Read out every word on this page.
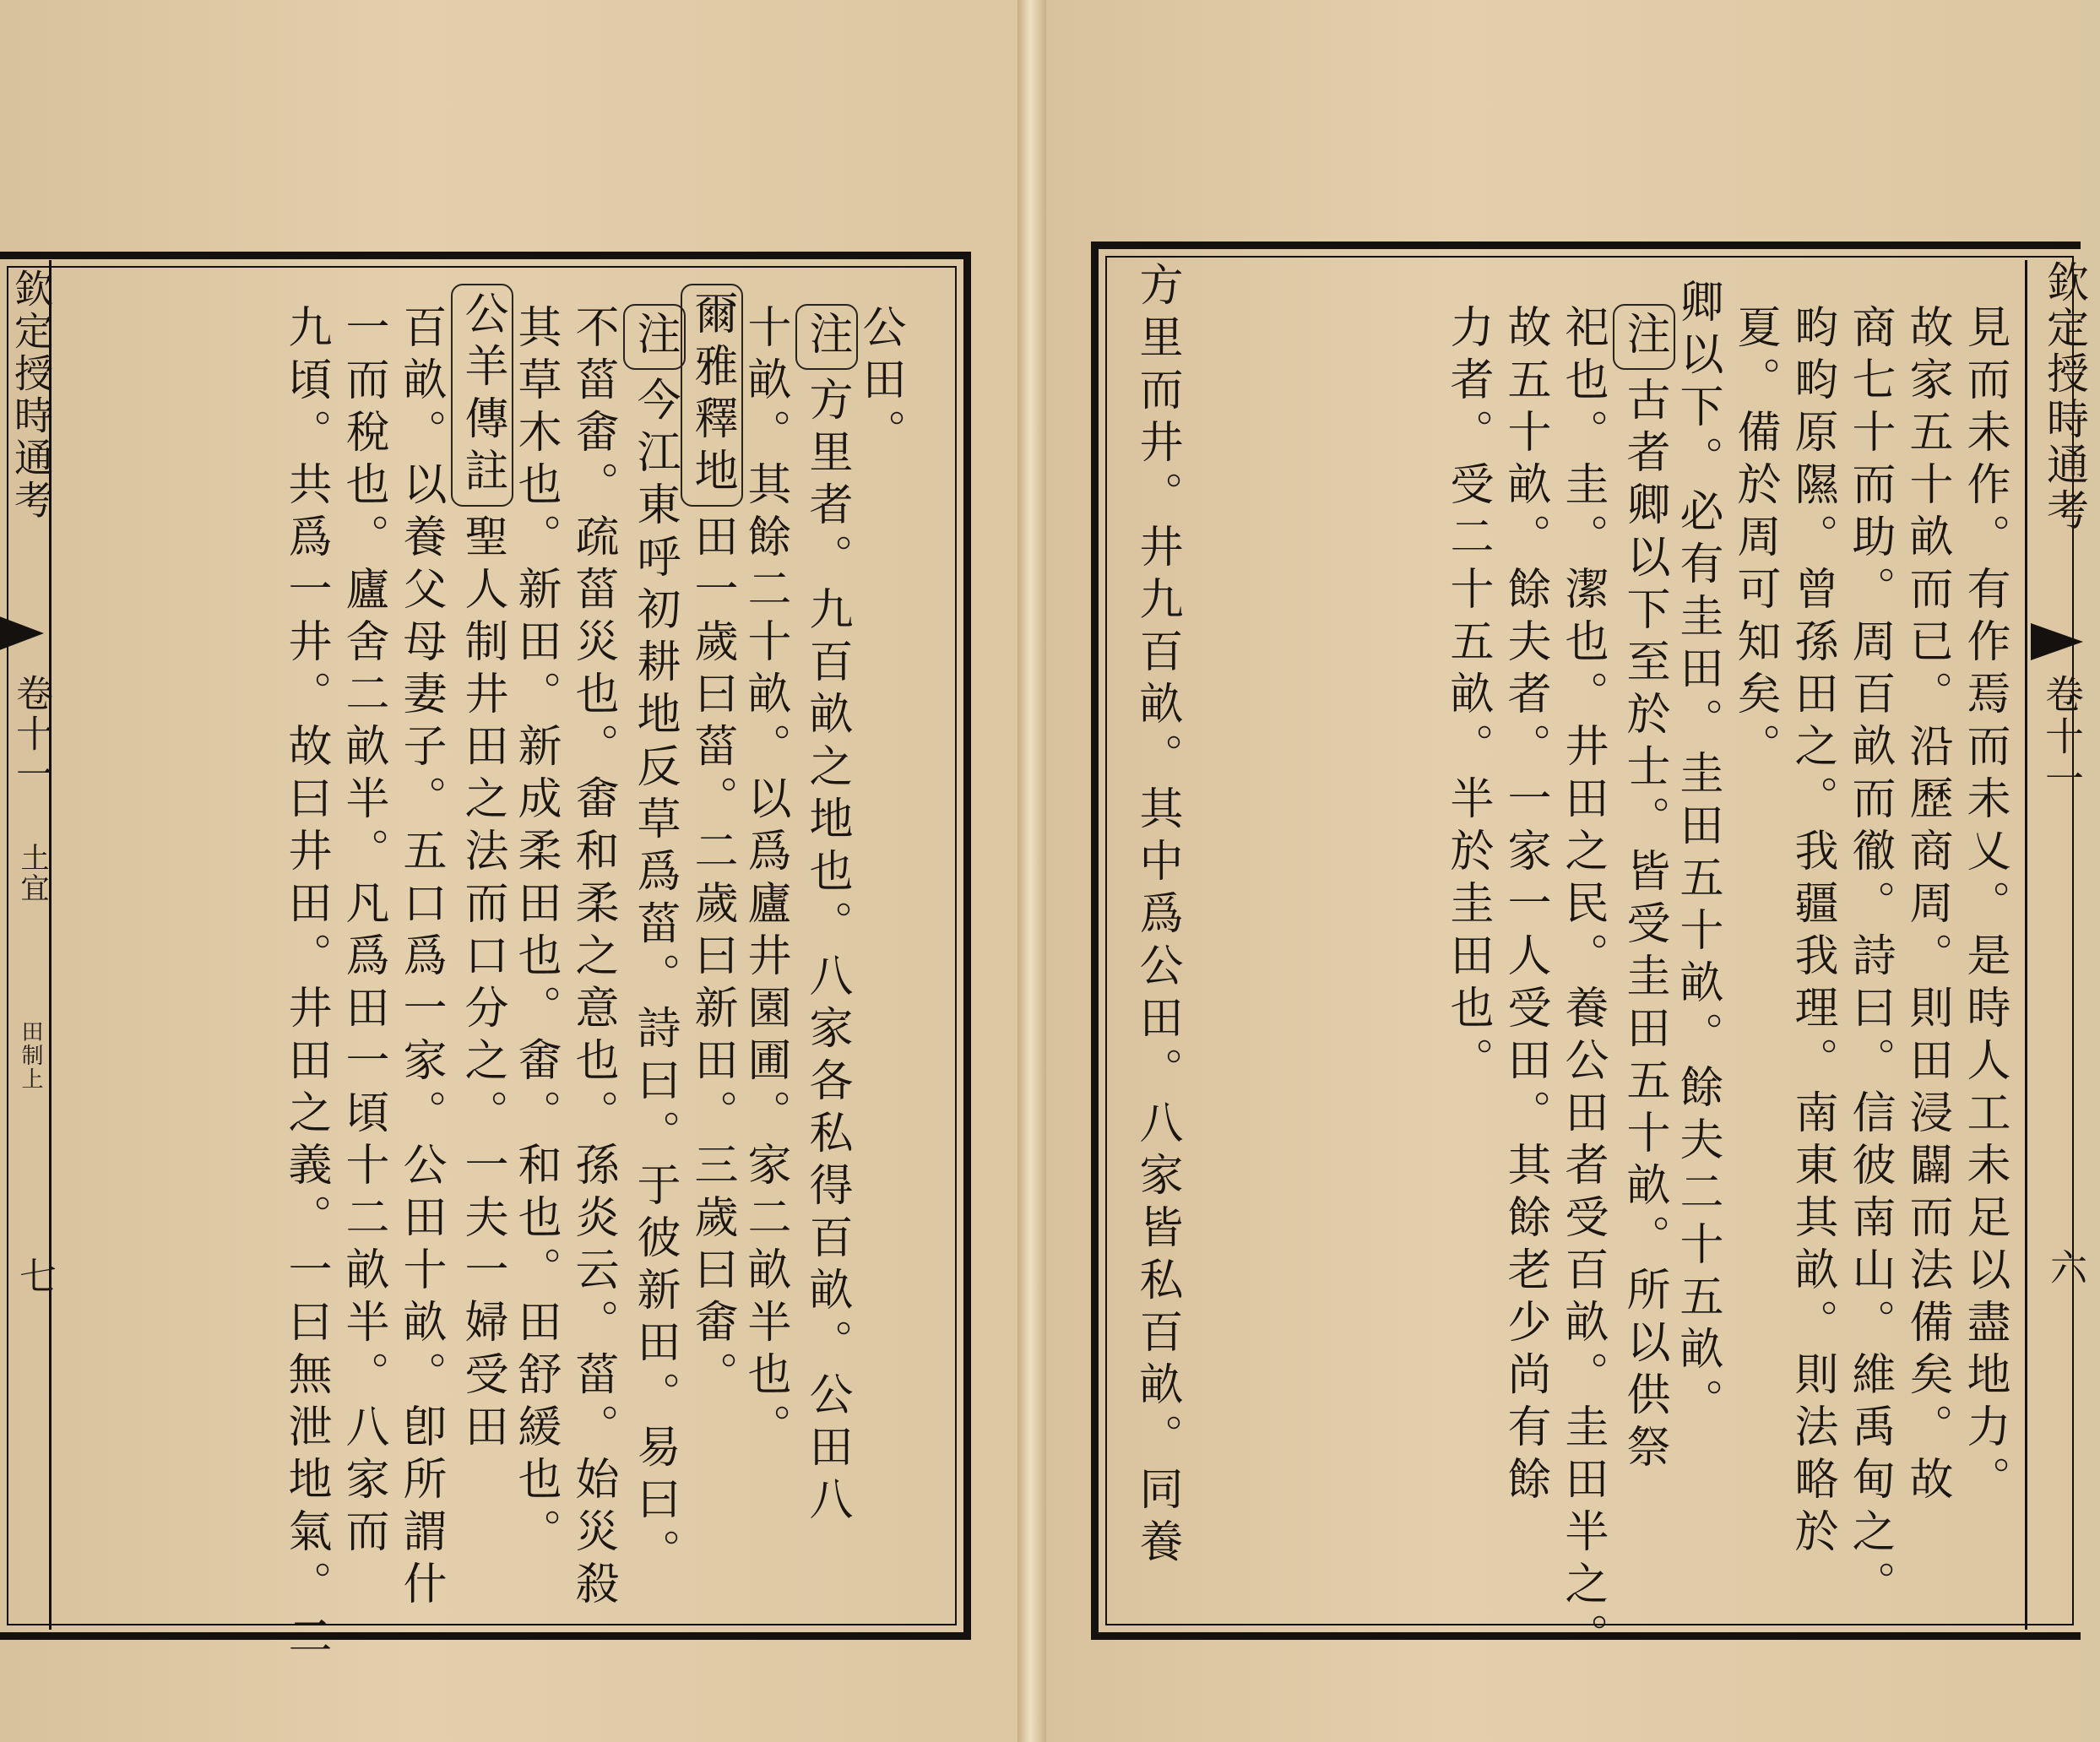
欽定授時通考
卷十一
土宜
田制上
七
欽定授時通考
卷十一
六
公田。
注方里者。九百畝之地也。八家各私得百畝。公田八
十畝。其餘二十畝。以爲廬井園圃。家二畝半也。
爾雅釋地田一歲曰菑。二歲曰新田。三歲曰畬。
注今江東呼初耕地反草爲菑。詩曰。于彼新田。易曰。
不菑畬。疏菑災也。畬和柔之意也。孫炎云。菑。始災殺
其草木也。新田。新成柔田也。畬。和也。田舒緩也。
公羊傳註聖人制井田之法而口分之。一夫一婦受田
百畝。以養父母妻子。五口爲一家。公田十畝。卽所謂什
一而稅也。廬舍二畝半。凡爲田一頃十二畝半。八家而
九頃。共爲一井。故曰井田。井田之義。一曰無泄地氣。二	見而未作。有作焉而未乂。是時人工未足以盡地力。
故家五十畝而已。沿歷商周。則田浸闢而法備矣。故
商七十而助。周百畝而徹。詩曰。信彼南山。維禹甸之。
畇畇原隰。曾孫田之。我疆我理。南東其畝。則法略於
夏。備於周可知矣。
卿以下。必有圭田。圭田五十畝。餘夫二十五畝。
注古者卿以下至於士。皆受圭田五十畝。所以供祭
祀也。圭。潔也。井田之民。養公田者受百畝。圭田半之。
故五十畝。餘夫者。一家一人受田。其餘老少尚有餘
力者。受二十五畝。半於圭田也。
方里而井。井九百畝。其中爲公田。八家皆私百畝。同養
